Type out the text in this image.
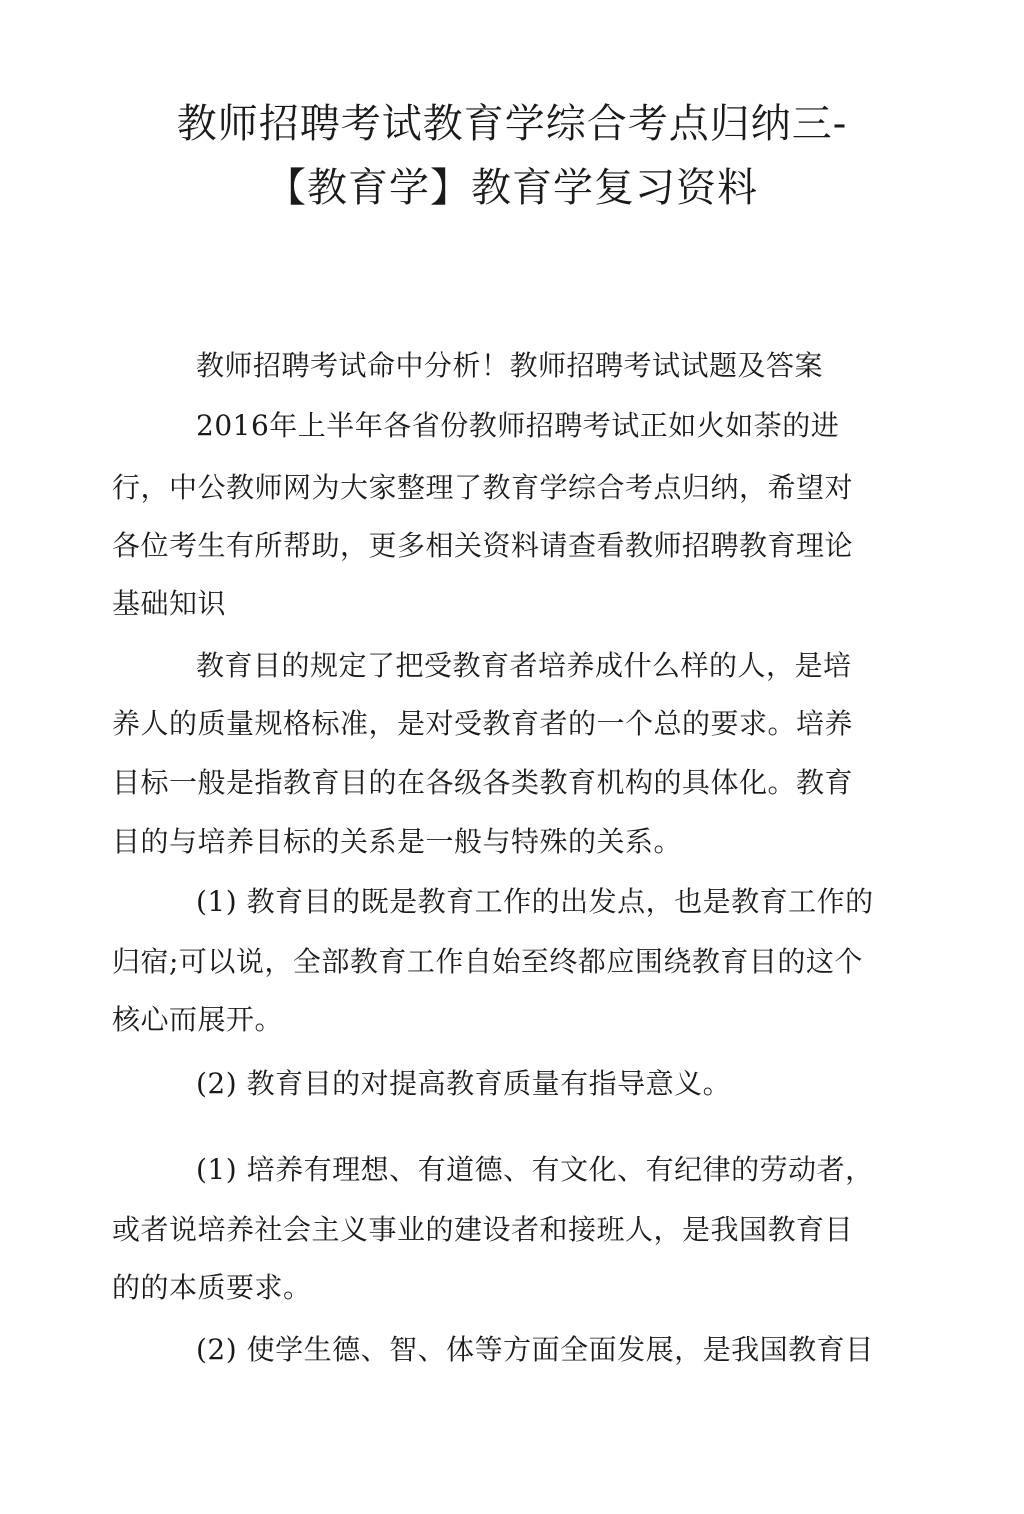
教师招聘考试教育学综合考点归纳三-
【教育学】教育学复习资料
教师招聘考试命中分析！教师招聘考试试题及答案
2016年上半年各省份教师招聘考试正如火如荼的进
行，中公教师网为大家整理了教育学综合考点归纳，希望对
各位考生有所帮助，更多相关资料请查看教师招聘教育理论
基础知识
教育目的规定了把受教育者培养成什么样的人，是培
养人的质量规格标准，是对受教育者的一个总的要求。培养
目标一般是指教育目的在各级各类教育机构的具体化。教育
目的与培养目标的关系是一般与特殊的关系。
(1) 教育目的既是教育工作的出发点，也是教育工作的
归宿;可以说，全部教育工作自始至终都应围绕教育目的这个
核心而展开。
(2) 教育目的对提高教育质量有指导意义。
(1) 培养有理想、有道德、有文化、有纪律的劳动者，
或者说培养社会主义事业的建设者和接班人，是我国教育目
的的本质要求。
(2) 使学生德、智、体等方面全面发展，是我国教育目
